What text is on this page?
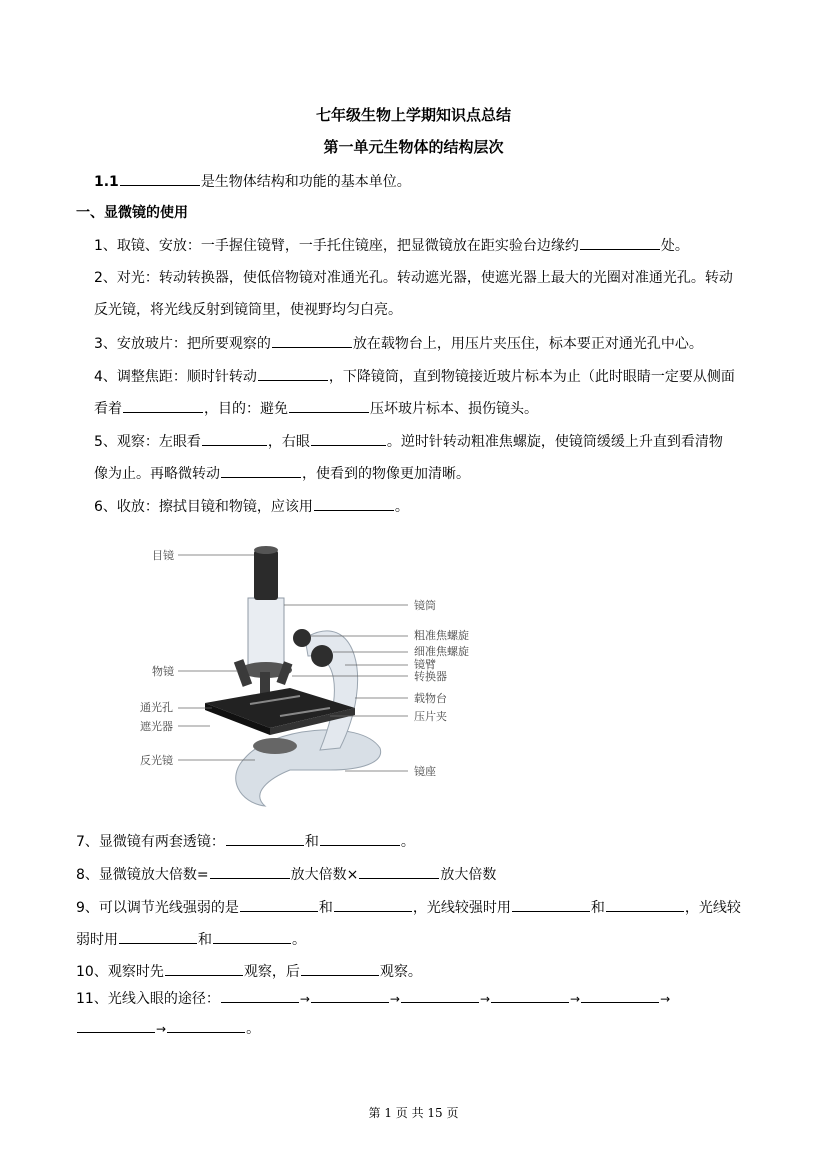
七年级生物上学期知识点总结
第一单元生物体的结构层次
1.1	是生物体结构和功能的基本单位。
一、显微镜的使用
1、取镜、安放：一手握住镜臂，一手托住镜座，把显微镜放在距实验台边缘约	处。
2、对光：转动转换器，使低倍物镜对准通光孔。转动遮光器，使遮光器上最大的光圈对准通光孔。转动
反光镜，将光线反射到镜筒里，使视野均匀白亮。
3、安放玻片：把所要观察的	放在载物台上，用压片夹压住，标本要正对通光孔中心。
4、调整焦距：顺时针转动	，下降镜筒，直到物镜接近玻片标本为止（此时眼睛一定要从侧面
看着	，目的：避免	压坏玻片标本、损伤镜头。
5、观察：左眼看	，右眼	。逆时针转动粗准焦螺旋，使镜筒缓缓上升直到看清物
像为止。再略微转动	，使看到的物像更加清晰。
6、收放：擦拭目镜和物镜，应该用	。
目镜
物镜
通光孔
遮光器
反光镜
镜筒
粗准焦螺旋
细准焦螺旋
镜臂
转换器
载物台
压片夹
镜座
7、显微镜有两套透镜：	和	。
8、显微镜放大倍数=	放大倍数×	放大倍数
9、可以调节光线强弱的是	和	，光线较强时用	和	，光线较
弱时用	和	。
10、观察时先	观察，后	观察。
11、光线入眼的途径：	→	→	→	→	→
→	。
第 1 页 共 15 页
